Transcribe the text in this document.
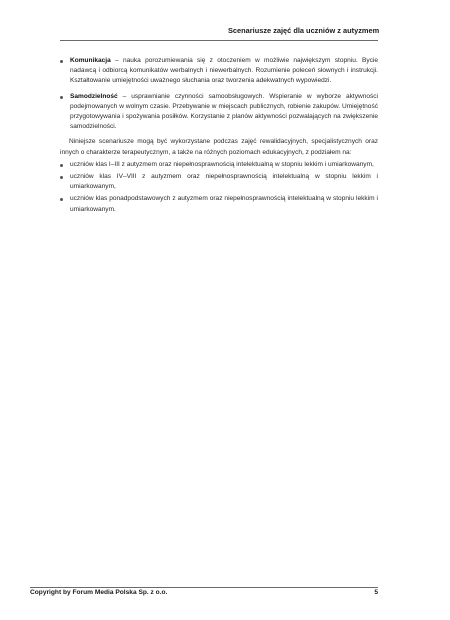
Scenariusze zajęć dla uczniów z autyzmem
Komunikacja – nauka porozumiewania się z otoczeniem w możliwie największym stopniu. Bycie nadawcą i odbiorcą komunikatów werbalnych i niewerbalnych. Rozumienie poleceń słownych i instrukcji. Kształtowanie umiejętności uważnego słuchania oraz tworzenia adekwatnych wypowiedzi.
Samodzielność – usprawnianie czynności samoobsługowych. Wspieranie w wyborze aktywności podejmowanych w wolnym czasie. Przebywanie w miejscach publicznych, robienie zakupów. Umiejętność przygotowywania i spożywania posiłków. Korzystanie z planów aktywności pozwalających na zwiększenie samodzielności.

Niniejsze scenariusze mogą być wykorzystane podczas zajęć rewalidacyjnych, specjalistycznych oraz innych o charakterze terapeutycznym, a także na różnych poziomach edukacyjnych, z podziałem na:

uczniów klas I–III z autyzmem oraz niepełnosprawnością intelektualną w stopniu lekkim i umiarkowanym,
uczniów klas IV–VIII z autyzmem oraz niepełnosprawnością intelektualną w stopniu lekkim i umiarkowanym,
uczniów klas ponadpodstawowych z autyzmem oraz niepełnosprawnością intelektualną w stopniu lekkim i umiarkowanym.
Copyright by Forum Media Polska Sp. z o.o.	5
